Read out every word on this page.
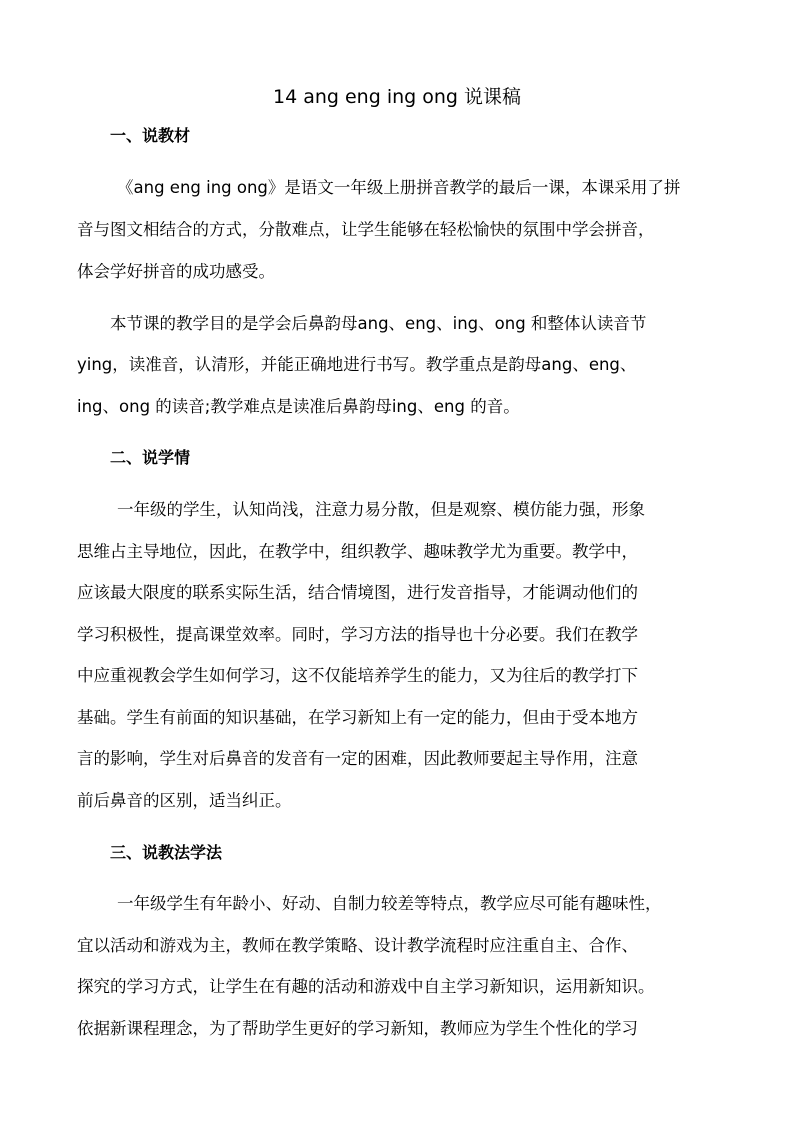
14 ang eng ing ong 说课稿
一、说教材

《ang eng ing ong》是语文一年级上册拼音教学的最后一课，本课采用了拼

音与图文相结合的方式，分散难点，让学生能够在轻松愉快的氛围中学会拼音，

体会学好拼音的成功感受。

本节课的教学目的是学会后鼻韵母ang、eng、ing、ong 和整体认读音节

ying，读准音，认清形，并能正确地进行书写。教学重点是韵母ang、eng、

ing、ong 的读音;教学难点是读准后鼻韵母ing、eng 的音。

二、说学情

一年级的学生，认知尚浅，注意力易分散，但是观察、模仿能力强，形象

思维占主导地位，因此，在教学中，组织教学、趣味教学尤为重要。教学中，

应该最大限度的联系实际生活，结合情境图，进行发音指导，才能调动他们的

学习积极性，提高课堂效率。同时，学习方法的指导也十分必要。我们在教学

中应重视教会学生如何学习，这不仅能培养学生的能力，又为往后的教学打下

基础。学生有前面的知识基础，在学习新知上有一定的能力，但由于受本地方

言的影响，学生对后鼻音的发音有一定的困难，因此教师要起主导作用，注意

前后鼻音的区别，适当纠正。

三、说教法学法

一年级学生有年龄小、好动、自制力较差等特点，教学应尽可能有趣味性，

宜以活动和游戏为主，教师在教学策略、设计教学流程时应注重自主、合作、

探究的学习方式，让学生在有趣的活动和游戏中自主学习新知识，运用新知识。

依据新课程理念，为了帮助学生更好的学习新知，教师应为学生个性化的学习
